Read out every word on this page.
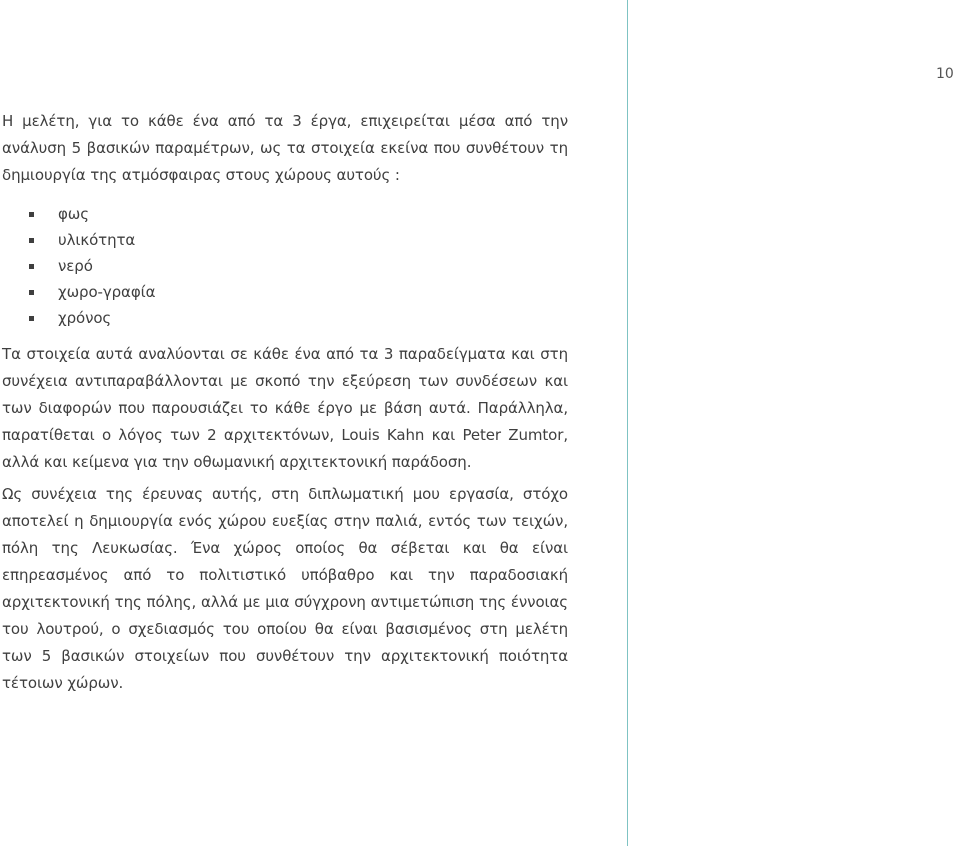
10

Η μελέτη, για το κάθε ένα από τα 3 έργα, επιχειρείται μέσα από την ανάλυση 5 βασικών παραμέτρων, ως τα στοιχεία εκείνα που συνθέτουν τη δημιουργία της ατμόσφαιρας στους χώρους αυτούς :

φως
υλικότητα
νερό
χωρο-γραφία
χρόνος

Τα στοιχεία αυτά αναλύονται σε κάθε ένα από τα 3 παραδείγματα και στη συνέχεια αντιπαραβάλλονται με σκοπό την εξεύρεση των συνδέσεων και των διαφορών που παρουσιάζει το κάθε έργο με βάση αυτά. Παράλληλα, παρατίθεται ο λόγος των 2 αρχιτεκτόνων, Louis Kahn και Peter Zumtor, αλλά και κείμενα για την οθωμανική αρχιτεκτονική παράδοση.

Ως συνέχεια της έρευνας αυτής, στη διπλωματική μου εργασία, στόχο αποτελεί η δημιουργία ενός χώρου ευεξίας στην παλιά, εντός των τειχών, πόλη της Λευκωσίας. Ένα χώρος οποίος θα σέβεται και θα είναι επηρεασμένος από το πολιτιστικό υπόβαθρο και την παραδοσιακή αρχιτεκτονική της πόλης, αλλά με μια σύγχρονη αντιμετώπιση της έννοιας του λουτρού, ο σχεδιασμός του οποίου θα είναι βασισμένος στη μελέτη των 5 βασικών στοιχείων που συνθέτουν την αρχιτεκτονική ποιότητα τέτοιων χώρων.
